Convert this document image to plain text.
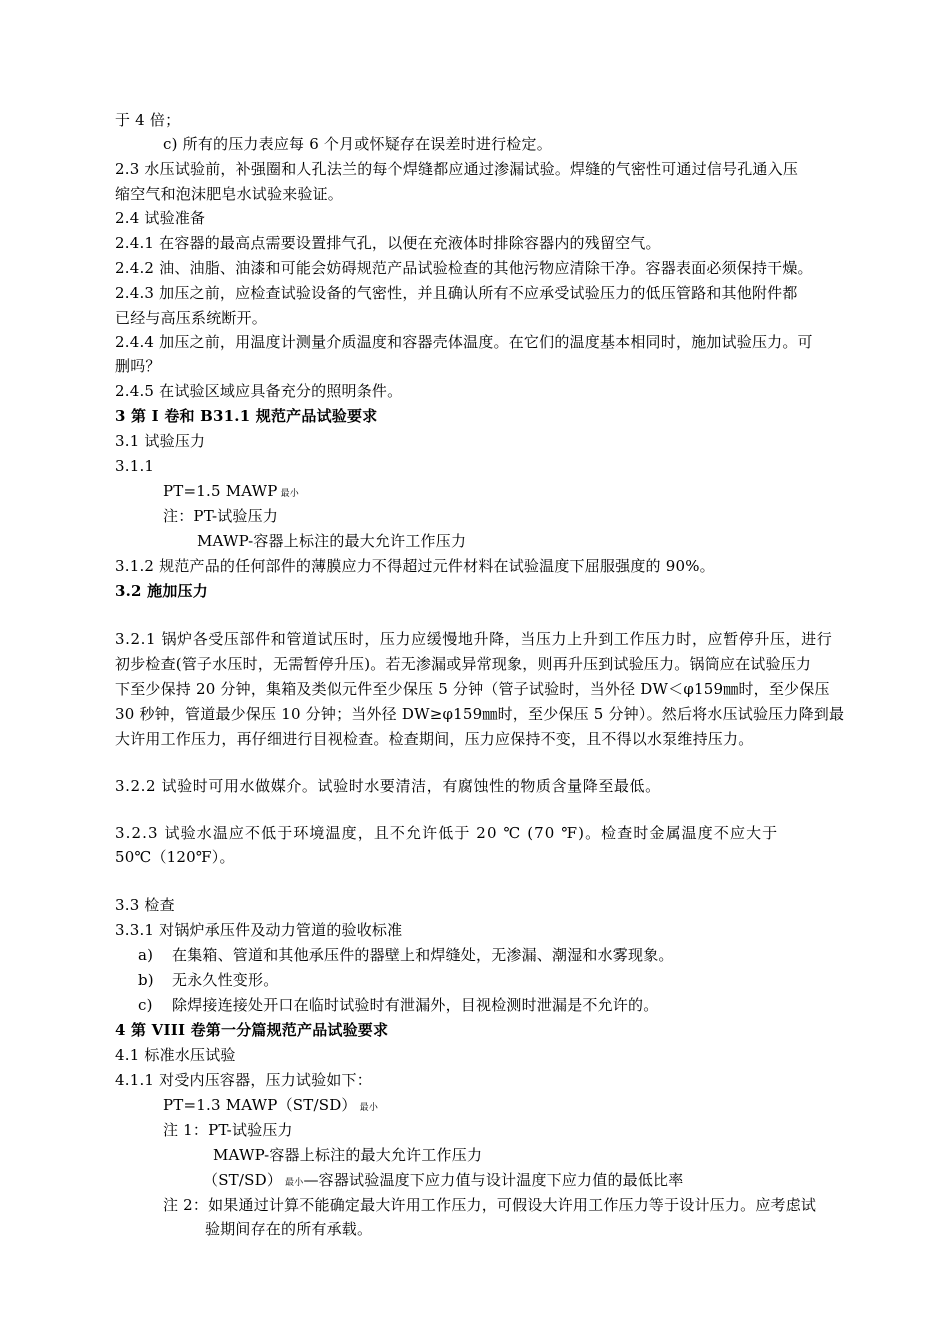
于 4 倍；
c) 所有的压力表应每 6 个月或怀疑存在误差时进行检定。
2.3 水压试验前，补强圈和人孔法兰的每个焊缝都应通过渗漏试验。焊缝的气密性可通过信号孔通入压
缩空气和泡沫肥皂水试验来验证。
2.4 试验准备
2.4.1 在容器的最高点需要设置排气孔，以便在充液体时排除容器内的残留空气。
2.4.2 油、油脂、油漆和可能会妨碍规范产品试验检查的其他污物应清除干净。容器表面必须保持干燥。
2.4.3 加压之前，应检查试验设备的气密性，并且确认所有不应承受试验压力的低压管路和其他附件都
已经与高压系统断开。
2.4.4 加压之前，用温度计测量介质温度和容器壳体温度。在它们的温度基本相同时，施加试验压力。可
删吗？
2.4.5 在试验区域应具备充分的照明条件。
3 第 I 卷和 B31.1 规范产品试验要求
3.1 试验压力
3.1.1
PT=1.5 MAWP 最小
注：PT-试验压力
MAWP-容器上标注的最大允许工作压力
3.1.2 规范产品的任何部件的薄膜应力不得超过元件材料在试验温度下屈服强度的 90%。
3.2 施加压力
3.2.1 锅炉各受压部件和管道试压时，压力应缓慢地升降，当压力上升到工作压力时，应暂停升压，进行
初步检查(管子水压时，无需暂停升压)。若无渗漏或异常现象，则再升压到试验压力。锅筒应在试验压力
下至少保持 20 分钟，集箱及类似元件至少保压 5 分钟（管子试验时，当外径 DW＜φ159㎜时，至少保压
30 秒钟，管道最少保压 10 分钟；当外径 DW≥φ159㎜时，至少保压 5 分钟）。然后将水压试验压力降到最
大许用工作压力，再仔细进行目视检查。检查期间，压力应保持不变，且不得以水泵维持压力。
3.2.2 试验时可用水做媒介。试验时水要清洁，有腐蚀性的物质含量降至最低。
3.2.3 试验水温应不低于环境温度，且不允许低于 20 ℃ (70 ℉)。检查时金属温度不应大于
50℃（120℉）。
3.3 检查
3.3.1 对锅炉承压件及动力管道的验收标准
a) 在集箱、管道和其他承压件的器壁上和焊缝处，无渗漏、潮湿和水雾现象。
b) 无永久性变形。
c) 除焊接连接处开口在临时试验时有泄漏外，目视检测时泄漏是不允许的。
4 第 VIII 卷第一分篇规范产品试验要求
4.1 标准水压试验
4.1.1 对受内压容器，压力试验如下：
PT=1.3 MAWP（ST/SD） 最小
注 1：PT-试验压力
MAWP-容器上标注的最大允许工作压力
（ST/SD） 最小—容器试验温度下应力值与设计温度下应力值的最低比率
注 2：如果通过计算不能确定最大许用工作压力，可假设大许用工作压力等于设计压力。应考虑试
验期间存在的所有承载。
